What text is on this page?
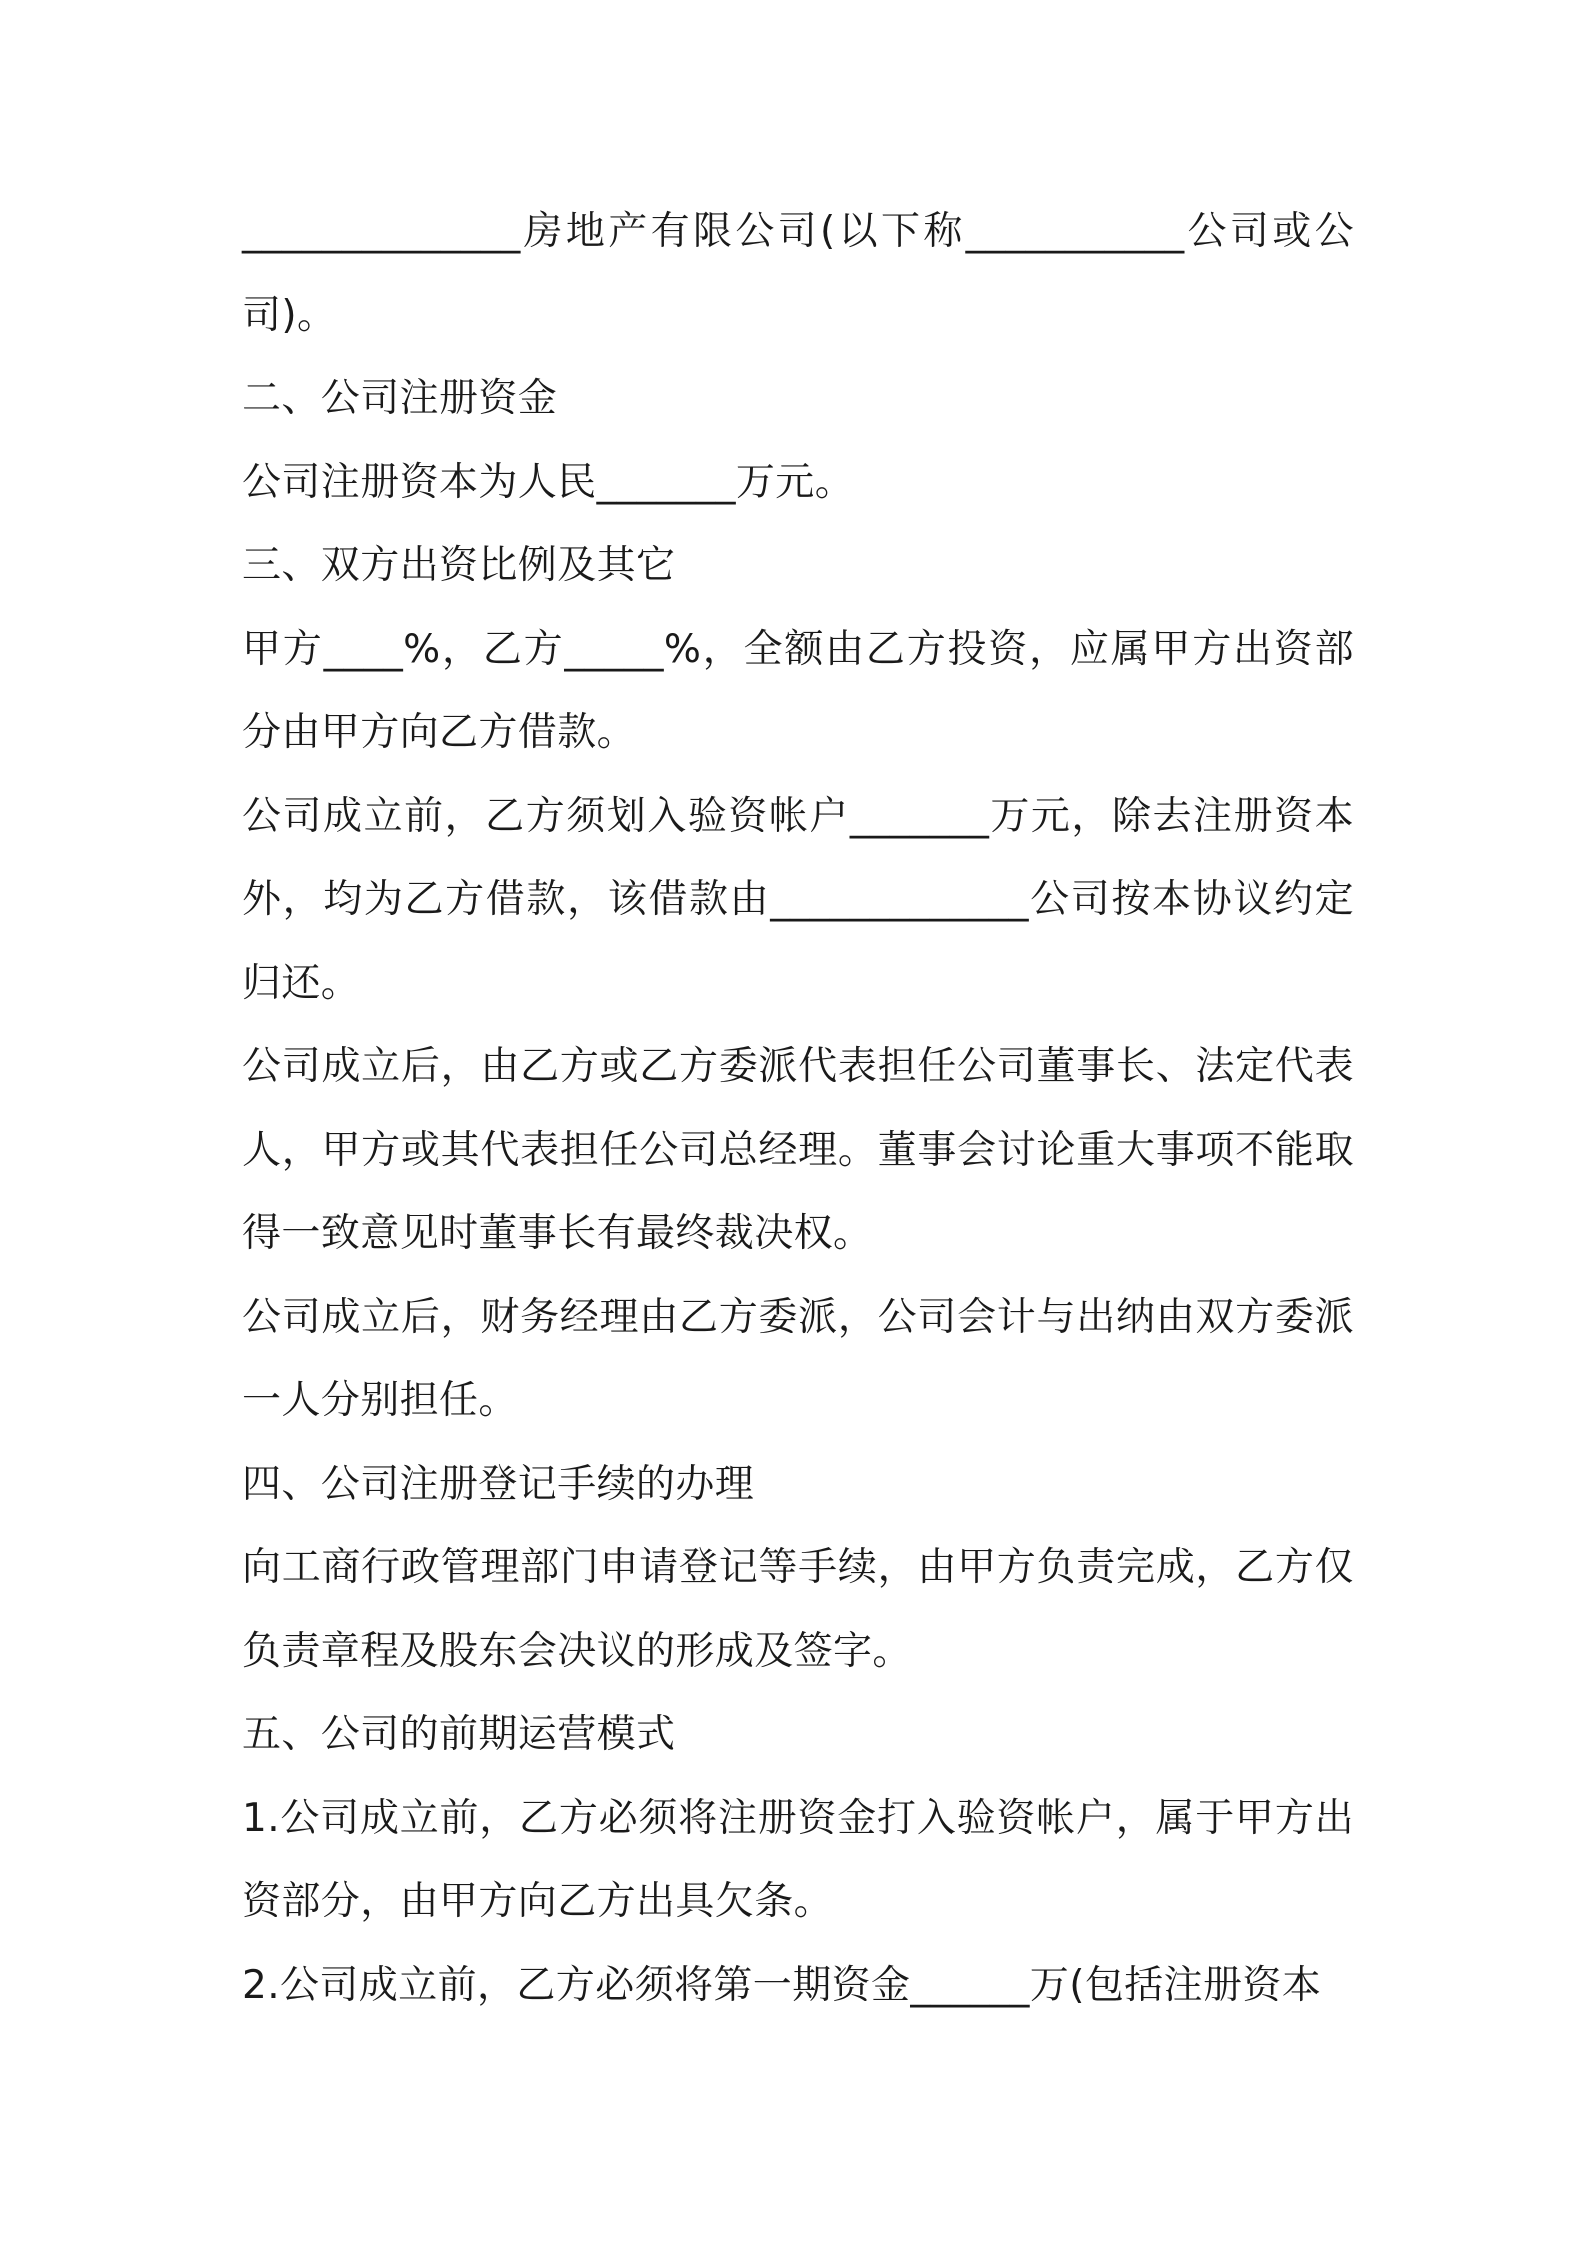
______________房地产有限公司(以下称___________公司或公司)。

二、公司注册资金

公司注册资本为人民_______万元。

三、双方出资比例及其它

甲方____%，乙方_____%，全额由乙方投资，应属甲方出资部分由甲方向乙方借款。

公司成立前，乙方须划入验资帐户_______万元，除去注册资本外，均为乙方借款，该借款由_____________公司按本协议约定归还。

公司成立后，由乙方或乙方委派代表担任公司董事长、法定代表人，甲方或其代表担任公司总经理。董事会讨论重大事项不能取得一致意见时董事长有最终裁决权。

公司成立后，财务经理由乙方委派，公司会计与出纳由双方委派一人分别担任。

四、公司注册登记手续的办理

向工商行政管理部门申请登记等手续，由甲方负责完成，乙方仅负责章程及股东会决议的形成及签字。

五、公司的前期运营模式

1.公司成立前，乙方必须将注册资金打入验资帐户，属于甲方出资部分，由甲方向乙方出具欠条。

2.公司成立前，乙方必须将第一期资金______万(包括注册资本
